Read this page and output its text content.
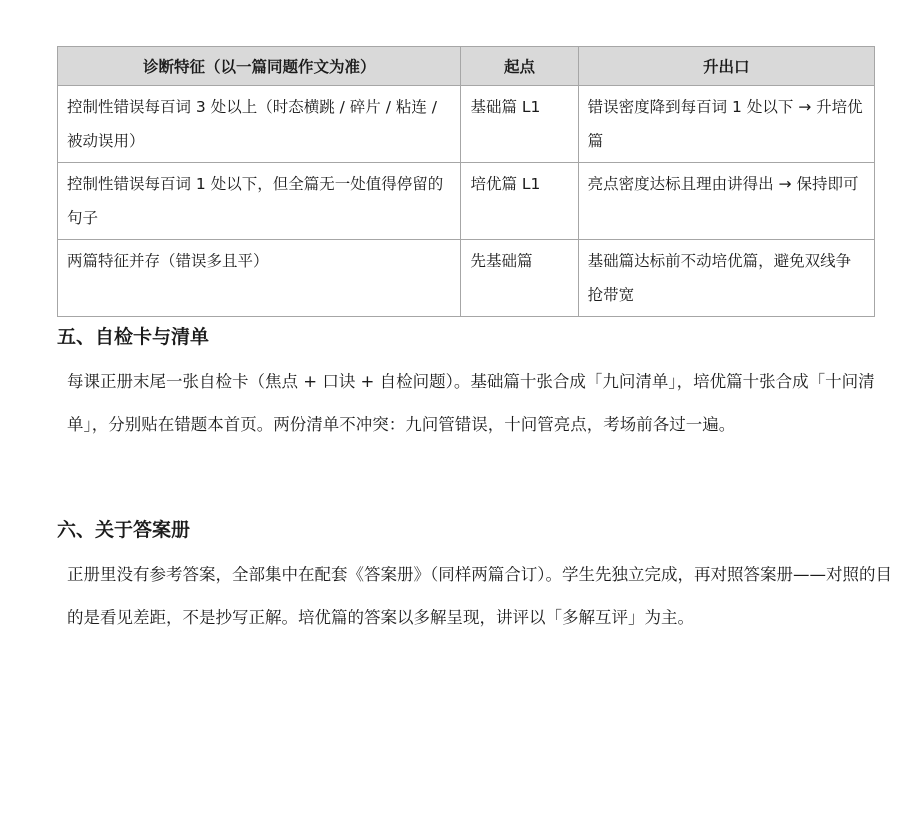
诊断特征（以一篇同题作文为准）	起点	升出口
控制性错误每百词 3 处以上（时态横跳 / 碎片 / 粘连 / 被动误用）	基础篇 L1	错误密度降到每百词 1 处以下 → 升培优篇
控制性错误每百词 1 处以下，但全篇无一处值得停留的句子	培优篇 L1	亮点密度达标且理由讲得出 → 保持即可
两篇特征并存（错误多且平）	先基础篇	基础篇达标前不动培优篇，避免双线争抢带宽
五、自检卡与清单

每课正册末尾一张自检卡（焦点 + 口诀 + 自检问题）。基础篇十张合成「九问清单」，培优篇十张合成「十问清单」，分别贴在错题本首页。两份清单不冲突：九问管错误，十问管亮点，考场前各过一遍。

六、关于答案册

正册里没有参考答案，全部集中在配套《答案册》（同样两篇合订）。学生先独立完成，再对照答案册——对照的目的是看见差距，不是抄写正解。培优篇的答案以多解呈现，讲评以「多解互评」为主。
